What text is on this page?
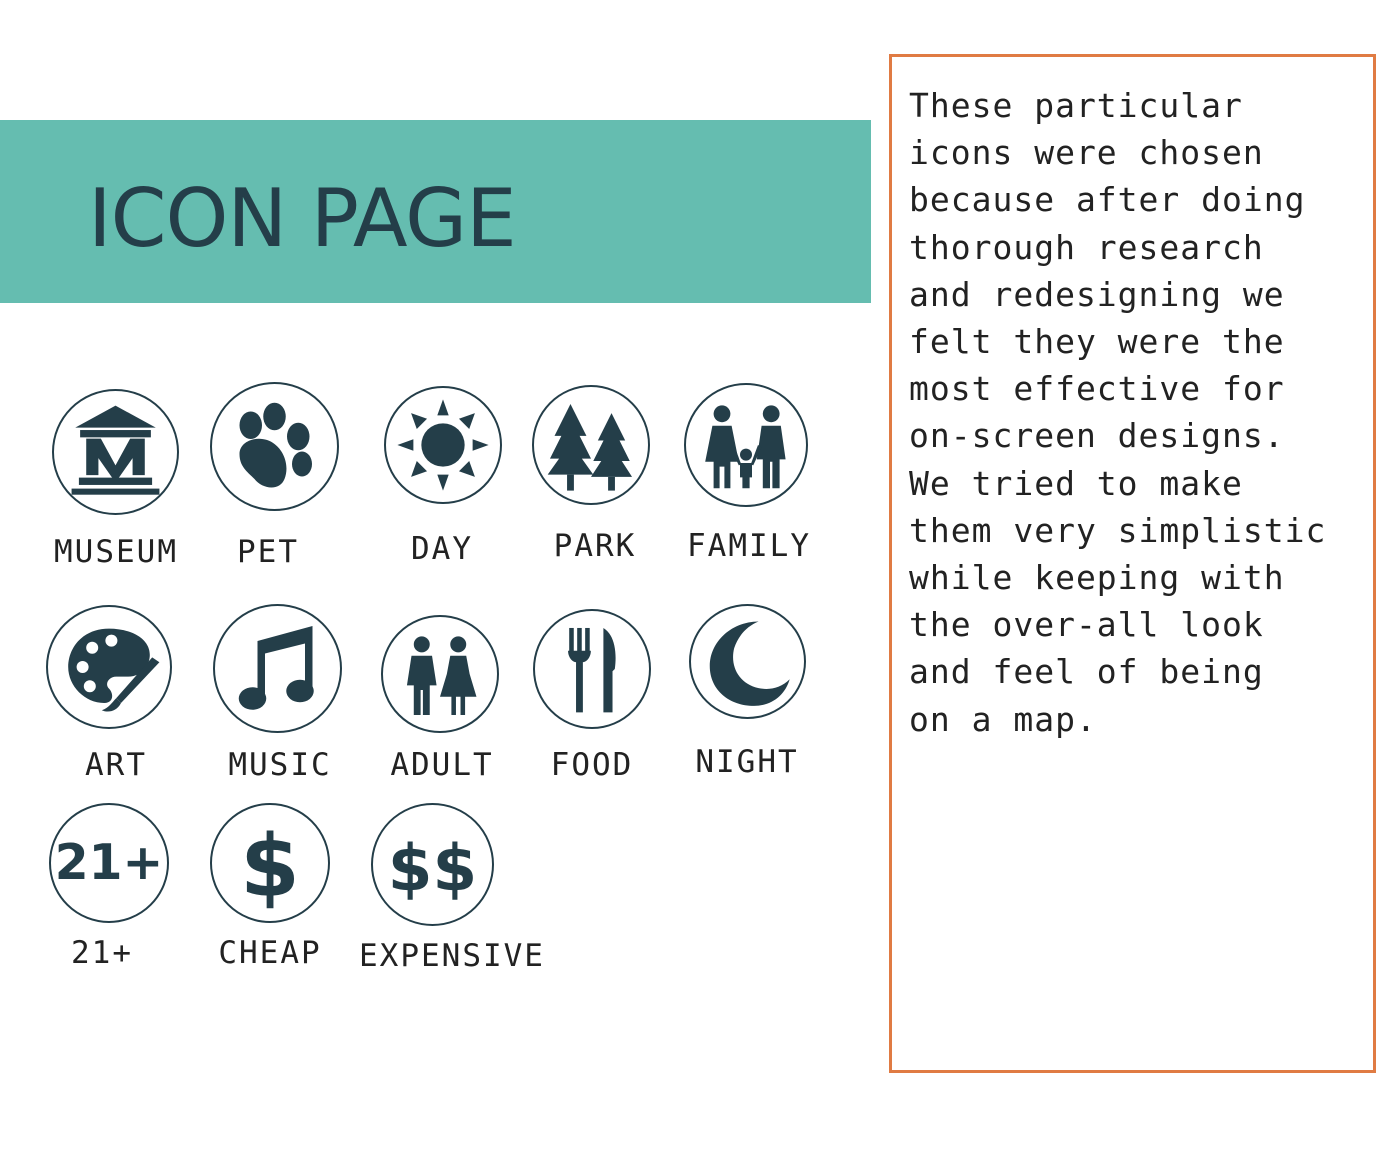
ICON PAGE
MUSEUM	PET	DAY	PARK	FAMILY
ART	MUSIC	ADULT	FOOD	NIGHT
21+ $ $$
21+	CHEAP	EXPENSIVE
These particular
icons were chosen
because after doing
thorough research
and redesigning we
felt they were the
most effective for
on-screen designs.
We tried to make
them very simplistic
while keeping with
the over-all look
and feel of being
on a map.
